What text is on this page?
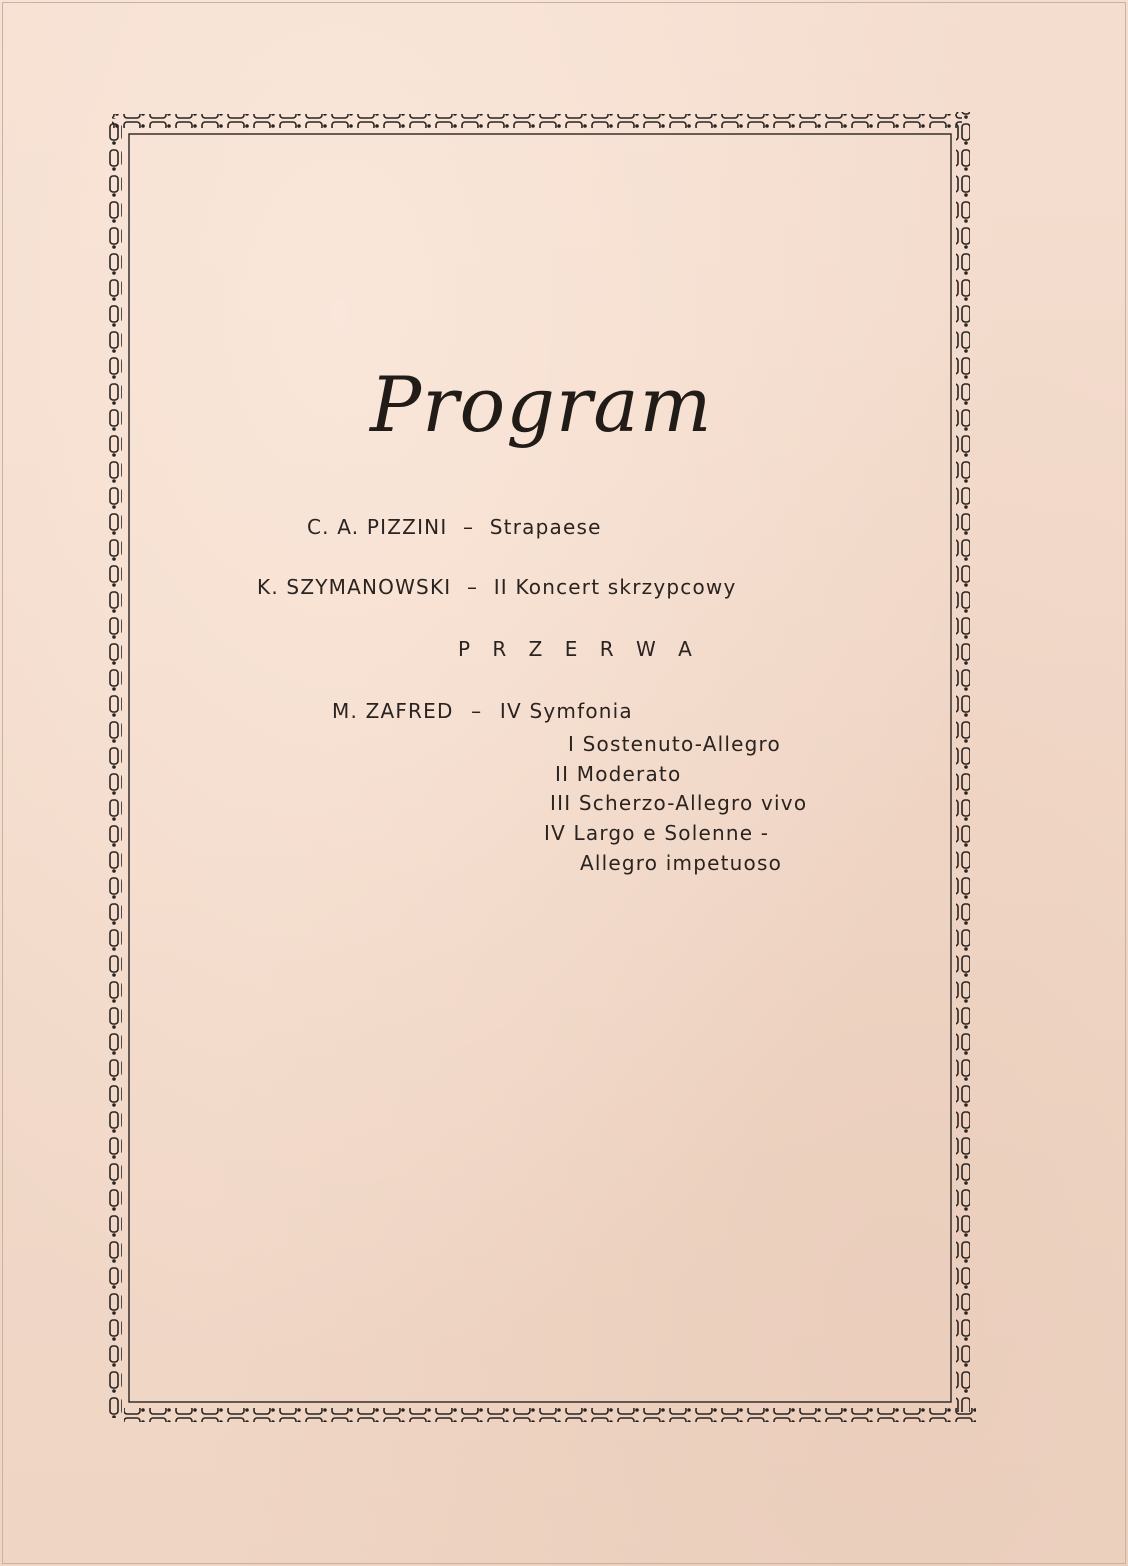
Program
C. A. PIZZINI – Strapaese
K. SZYMANOWSKI – II Koncert skrzypcowy
P R Z E R W A
M. ZAFRED – IV Symfonia
I Sostenuto-Allegro
II Moderato
III Scherzo-Allegro vivo
IV Largo e Solenne -
Allegro impetuoso
